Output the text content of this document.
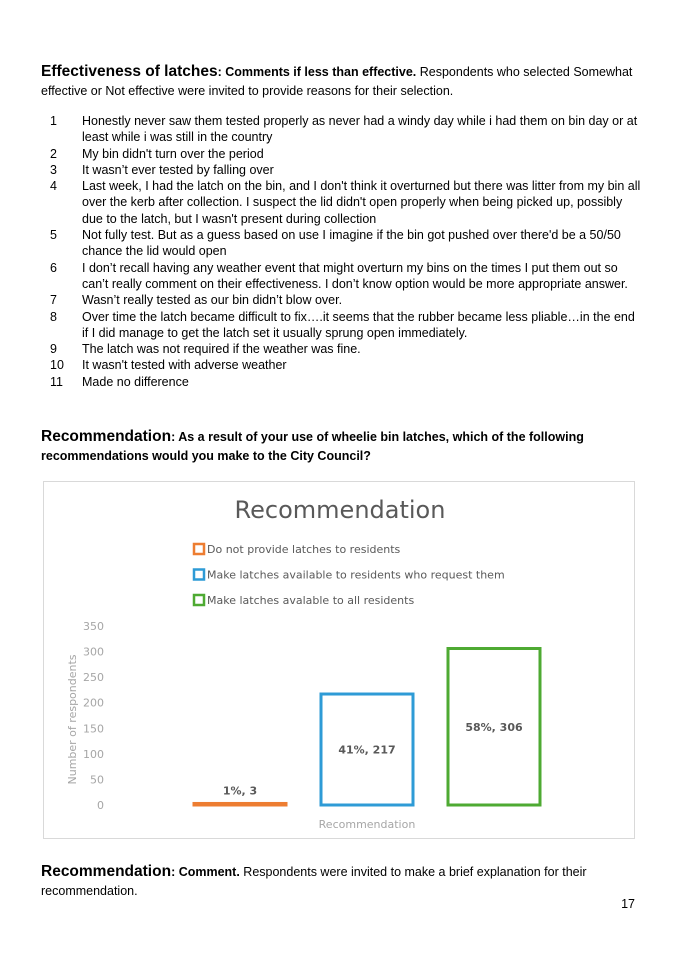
Effectiveness of latches: Comments if less than effective. Respondents who selected Somewhat effective or Not effective were invited to provide reasons for their selection.
1	Honestly never saw them tested properly as never had a windy day while i had them on bin day or at least while i was still in the country
2	My bin didn't turn over the period
3	It wasn’t ever tested by falling over
4	Last week, I had the latch on the bin, and I don't think it overturned but there was litter from my bin all over the kerb after collection. I suspect the lid didn't open properly when being picked up, possibly due to the latch, but I wasn't present during collection
5	Not fully test. But as a guess based on use I imagine if the bin got pushed over there'd be a 50/50 chance the lid would open
6	I don’t recall having any weather event that might overturn my bins on the times I put them out so can’t really comment on their effectiveness. I don’t know option would be more appropriate answer.
7	Wasn’t really tested as our bin didn’t blow over.
8	Over time the latch became difficult to fix….it seems that the rubber became less pliable…in the end if I did manage to get the latch set it usually sprung open immediately.
9	The latch was not required if the weather was fine.
10	It wasn't tested with adverse weather
11	Made no difference
Recommendation: As a result of your use of wheelie bin latches, which of the following recommendations would you make to the City Council?
Recommendation
Do not provide latches to residents
Make latches available to residents who request them
Make latches avalable to all residents
0
50
100
150
200
250
300
350
Number of respondents
Recommendation
1%, 3
41%, 217
58%, 306
Recommendation: Comment. Respondents were invited to make a brief explanation for their recommendation.
17
